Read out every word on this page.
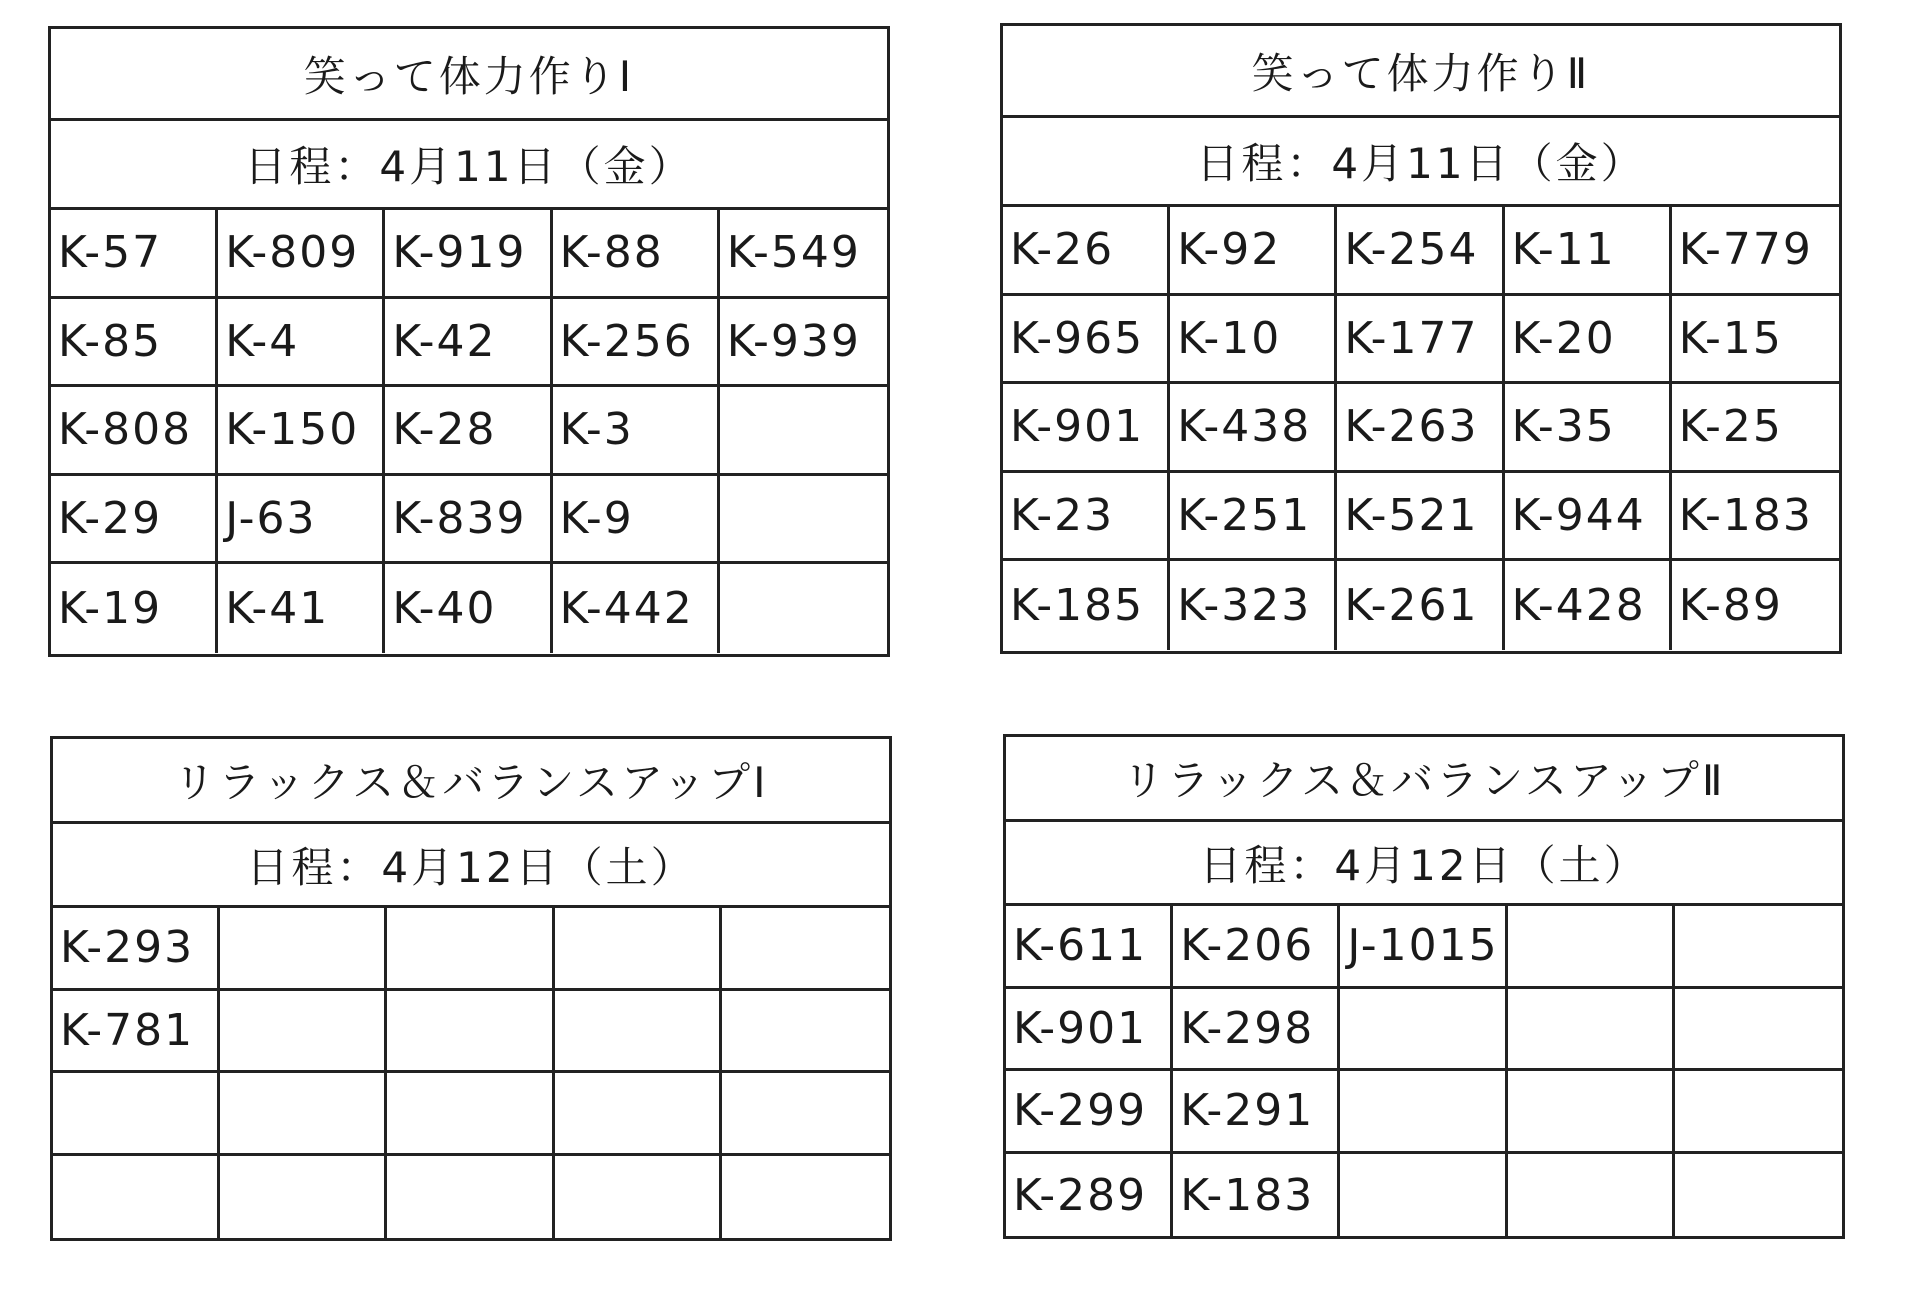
笑って体力作りⅠ
日程：4月11日（金）
K-57	K-809 K-919 K-88	K-549
K-85	K-4	K-42	K-256 K-939
K-808 K-150 K-28	K-3
K-29	J-63	K-839 K-9
K-19	K-41	K-40	K-442
笑って体力作りⅡ
日程：4月11日（金）
K-26	K-92	K-254 K-11	K-779
K-965 K-10	K-177 K-20	K-15
K-901 K-438 K-263 K-35	K-25
K-23	K-251 K-521 K-944 K-183
K-185 K-323 K-261 K-428 K-89
リラックス＆バランスアップⅠ
日程：4月12日（土）
K-293
K-781
リラックス＆バランスアップⅡ
日程：4月12日（土）
K-611 K-206 J-1015
K-901 K-298
K-299 K-291
K-289 K-183
